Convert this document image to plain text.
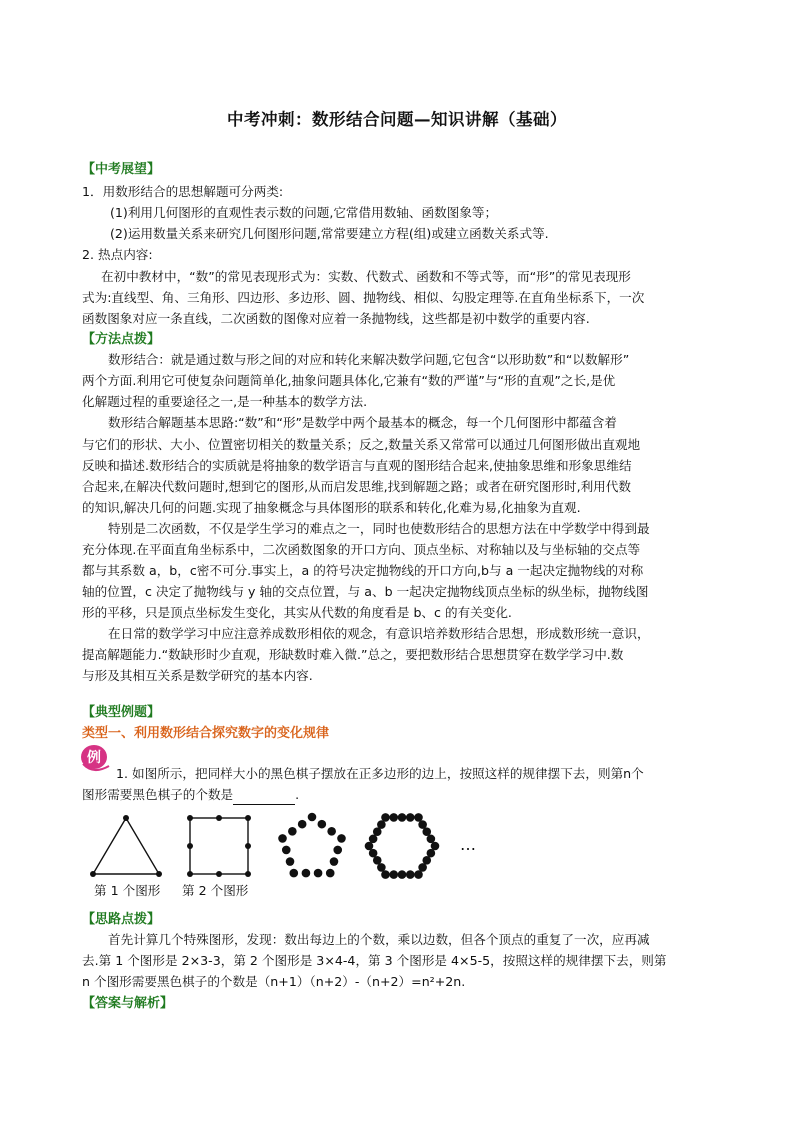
中考冲刺：数形结合问题—知识讲解（基础）
【中考展望】
1．用数形结合的思想解题可分两类:
(1)利用几何图形的直观性表示数的问题,它常借用数轴、函数图象等；
(2)运用数量关系来研究几何图形问题,常常要建立方程(组)或建立函数关系式等.
2. 热点内容:
在初中教材中，“数”的常见表现形式为：实数、代数式、函数和不等式等，而“形”的常见表现形
式为:直线型、角、三角形、四边形、多边形、圆、抛物线、相似、勾股定理等.在直角坐标系下，一次
函数图象对应一条直线，二次函数的图像对应着一条抛物线，这些都是初中数学的重要内容.
【方法点拨】
数形结合：就是通过数与形之间的对应和转化来解决数学问题,它包含“以形助数”和“以数解形”
两个方面.利用它可使复杂问题简单化,抽象问题具体化,它兼有“数的严谨”与“形的直观”之长,是优
化解题过程的重要途径之一,是一种基本的数学方法.
数形结合解题基本思路:“数”和“形”是数学中两个最基本的概念，每一个几何图形中都蕴含着
与它们的形状、大小、位置密切相关的数量关系；反之,数量关系又常常可以通过几何图形做出直观地
反映和描述.数形结合的实质就是将抽象的数学语言与直观的图形结合起来,使抽象思维和形象思维结
合起来,在解决代数问题时,想到它的图形,从而启发思维,找到解题之路；或者在研究图形时,利用代数
的知识,解决几何的问题.实现了抽象概念与具体图形的联系和转化,化难为易,化抽象为直观.
特别是二次函数，不仅是学生学习的难点之一，同时也使数形结合的思想方法在中学数学中得到最
充分体现.在平面直角坐标系中，二次函数图象的开口方向、顶点坐标、对称轴以及与坐标轴的交点等
都与其系数 a，b，c密不可分.事实上，a 的符号决定抛物线的开口方向,b与 a 一起决定抛物线的对称
轴的位置，c 决定了抛物线与 y 轴的交点位置，与 a、b 一起决定抛物线顶点坐标的纵坐标，抛物线图
形的平移，只是顶点坐标发生变化，其实从代数的角度看是 b、c 的有关变化.
在日常的数学学习中应注意养成数形相依的观念，有意识培养数形结合思想，形成数形统一意识，
提高解题能力.“数缺形时少直观，形缺数时难入微.”总之，要把数形结合思想贯穿在数学学习中.数
与形及其相互关系是数学研究的基本内容.
【典型例题】
类型一、利用数形结合探究数字的变化规律
例
1. 如图所示，把同样大小的黑色棋子摆放在正多边形的边上，按照这样的规律摆下去，则第n个
图形需要黑色棋子的个数是	.
…
第 1 个图形 第 2 个图形
【思路点拨】
首先计算几个特殊图形，发现：数出每边上的个数，乘以边数，但各个顶点的重复了一次，应再减
去.第 1 个图形是 2×3-3，第 2 个图形是 3×4-4，第 3 个图形是 4×5-5，按照这样的规律摆下去，则第
n 个图形需要黑色棋子的个数是（n+1）（n+2）-（n+2）=n²+2n.
【答案与解析】
